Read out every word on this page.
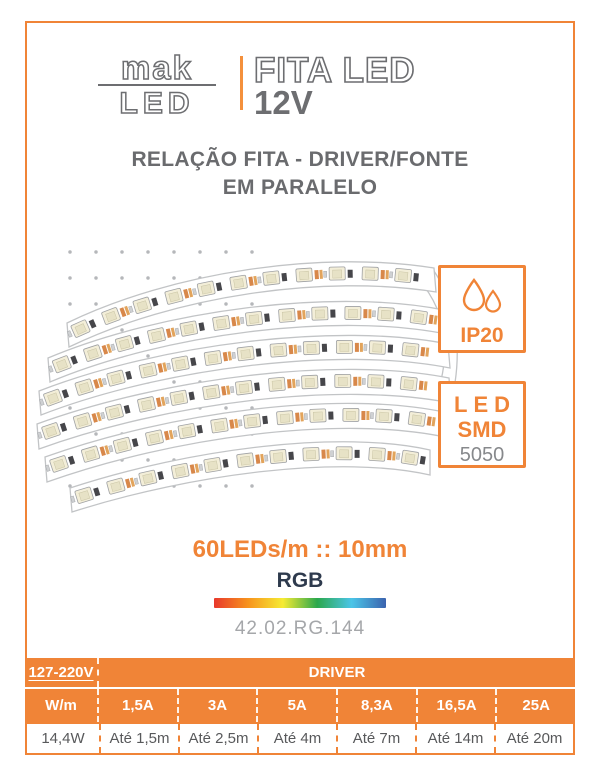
mak
LED
FITA LED
12V
RELAÇÃO FITA - DRIVER/FONTE
EM PARALELO
IP20
LED
SMD
5050
60LEDs/m :: 10mm
RGB
42.02.RG.144
127-220V	DRIVER
W/m	1,5A	3A	5A	8,3A	16,5A	25A
14,4W	Até 1,5m	Até 2,5m	Até 4m	Até 7m	Até 14m	Até 20m
